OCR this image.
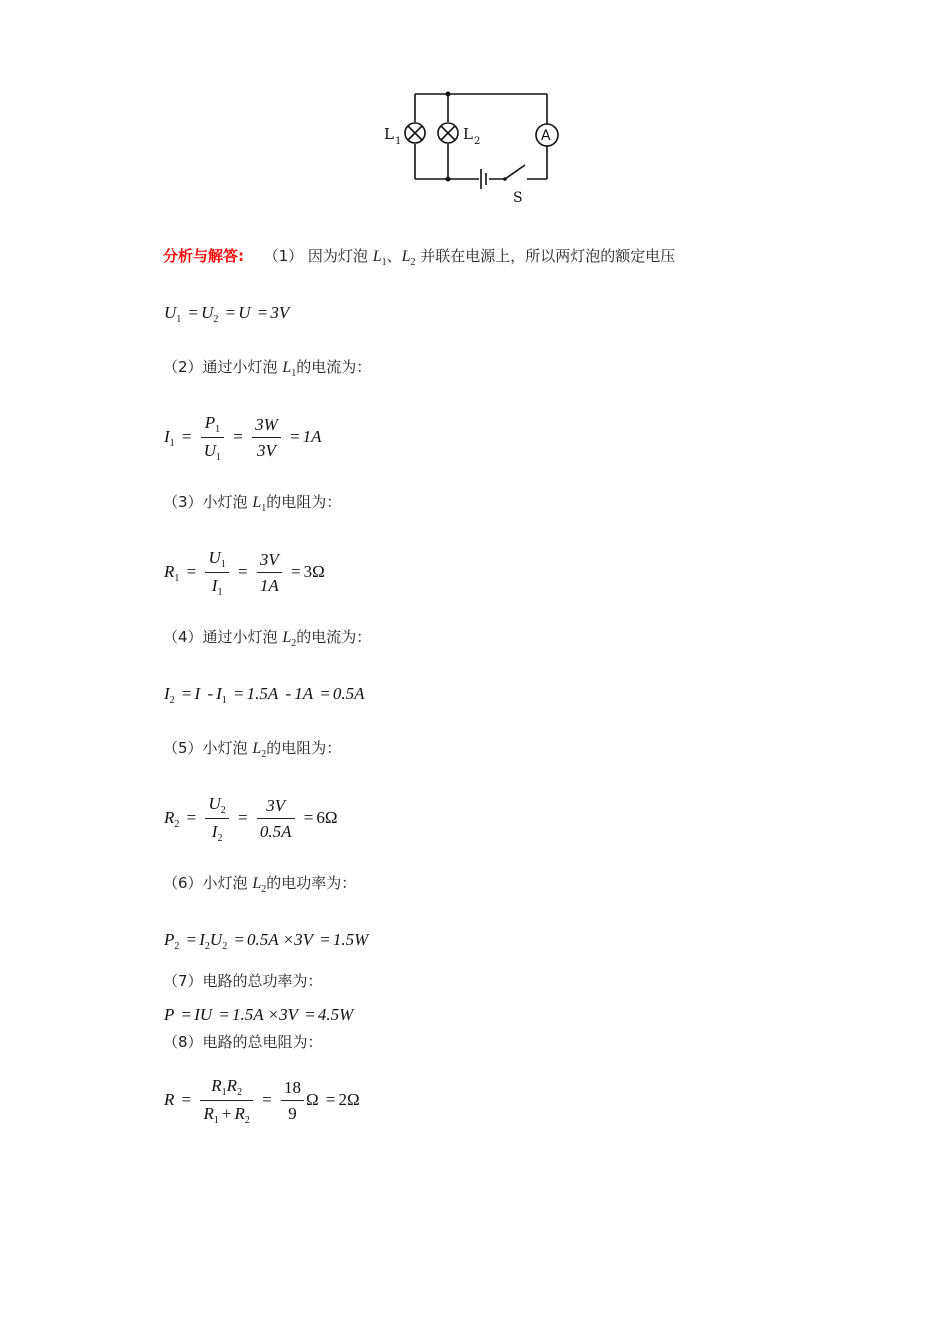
L 1	L 2	A
S
分析与解答: （1） 因为灯泡 $L_1$、$L_2$ 并联在电源上，所以两灯泡的额定电压
$U_1 = U_2 = U = 3V$
（2）通过小灯泡 $L_1$的电流为：
$I_1 = \frac{P_1}{U_1} = \frac{3W}{3V} = 1A$
（3）小灯泡 $L_1$的电阻为：
$R_1 = \frac{U_1}{I_1} = \frac{3V}{1A} = 3\Omega$
（4）通过小灯泡 $L_2$的电流为：
$I_2 = I - I_1 = 1.5A - 1A = 0.5A$
（5）小灯泡 $L_2$的电阻为：
$R_2 = \frac{U_2}{I_2} = \frac{3V}{0.5A} = 6\Omega$
（6）小灯泡 $L_2$的电功率为：
$P_2 = I_2U_2 = 0.5A \times 3V = 1.5W$
（7）电路的总功率为：
P = IU = 1.5A ×3V = 4.5W
（8）电路的总电阻为：
$R = \frac{R_1R_2}{R_1 + R_2} = \frac{18}{9}$ Ω = 2Ω
